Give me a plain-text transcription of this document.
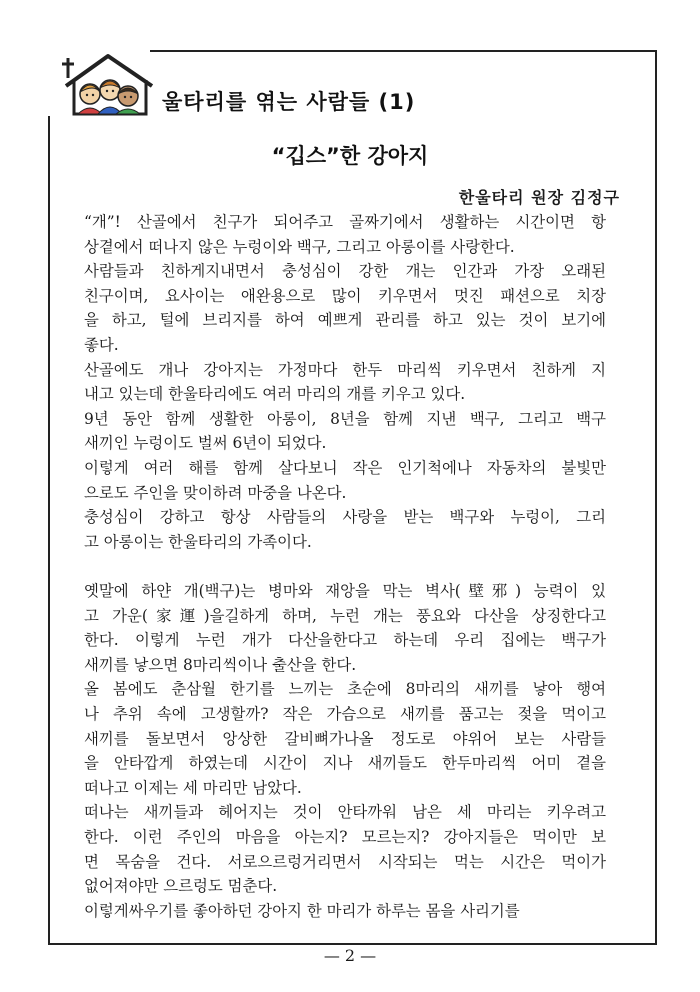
울타리를 엮는 사람들 (1)
“깁스”한 강아지
한울타리 원장 김정구
“개”! 산골에서 친구가 되어주고 골짜기에서 생활하는 시간이면 항
상곁에서 떠나지 않은 누렁이와 백구, 그리고 아롱이를 사랑한다.
사람들과 친하게지내면서 충성심이 강한 개는 인간과 가장 오래된
친구이며, 요사이는 애완용으로 많이 키우면서 멋진 패션으로 치장
을 하고, 털에 브리지를 하여 예쁘게 관리를 하고 있는 것이 보기에
좋다.
산골에도 개나 강아지는 가정마다 한두 마리씩 키우면서 친하게 지
내고 있는데 한울타리에도 여러 마리의 개를 키우고 있다.
9년 동안 함께 생활한 아롱이, 8년을 함께 지낸 백구, 그리고 백구
새끼인 누렁이도 벌써 6년이 되었다.
이렇게 여러 해를 함께 살다보니 작은 인기척에나 자동차의 불빛만
으로도 주인을 맞이하려 마중을 나온다.
충성심이 강하고 항상 사람들의 사랑을 받는 백구와 누렁이, 그리
고 아롱이는 한울타리의 가족이다.
옛말에 하얀 개(백구)는 병마와 재앙을 막는 벽사(壁邪) 능력이 있
고 가운(家運)을길하게 하며, 누런 개는 풍요와 다산을 상징한다고
한다. 이렇게 누런 개가 다산을한다고 하는데 우리 집에는 백구가
새끼를 낳으면 8마리씩이나 출산을 한다.
올 봄에도 춘삼월 한기를 느끼는 초순에 8마리의 새끼를 낳아 행여
나 추위 속에 고생할까? 작은 가슴으로 새끼를 품고는 젖을 먹이고
새끼를 돌보면서 앙상한 갈비뼈가나올 정도로 야위어 보는 사람들
을 안타깝게 하였는데 시간이 지나 새끼들도 한두마리씩 어미 곁을
떠나고 이제는 세 마리만 남았다.
떠나는 새끼들과 헤어지는 것이 안타까워 남은 세 마리는 키우려고
한다. 이런 주인의 마음을 아는지? 모르는지? 강아지들은 먹이만 보
면 목숨을 건다. 서로으르렁거리면서 시작되는 먹는 시간은 먹이가
없어져야만 으르렁도 멈춘다.
이렇게싸우기를 좋아하던 강아지 한 마리가 하루는 몸을 사리기를
— 2 —
